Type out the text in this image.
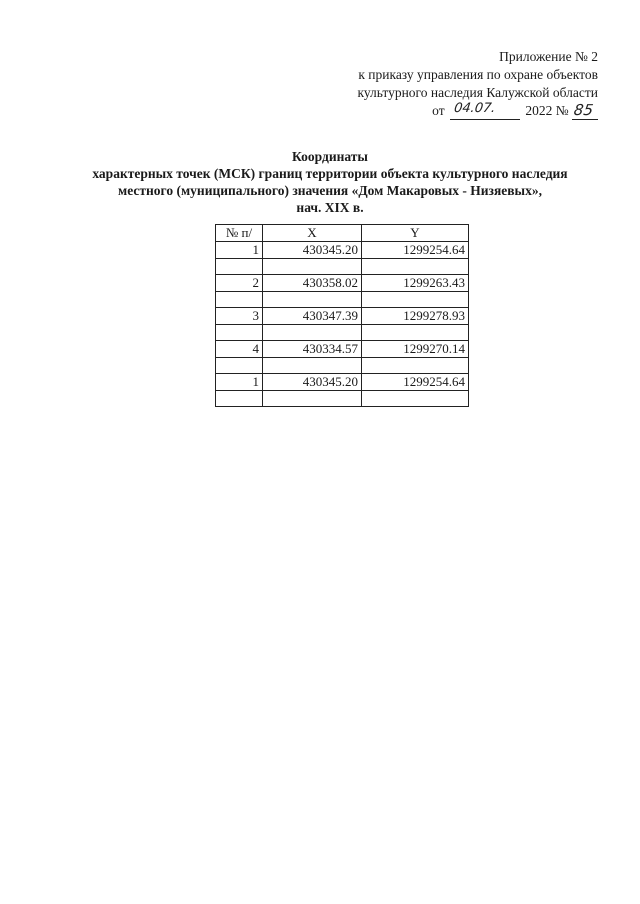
Приложение № 2
к приказу управления по охране объектов
культурного наследия Калужской области
от 04.07. 2022 № 85
Координаты
характерных точек (МСК) границ территории объекта культурного наследия
местного (муниципального) значения «Дом Макаровых - Низяевых»,
нач. XIX в.
№ п/	X	Y
1	430345.20	1299254.64

2	430358.02	1299263.43

3	430347.39	1299278.93

4	430334.57	1299270.14

1	430345.20	1299254.64
